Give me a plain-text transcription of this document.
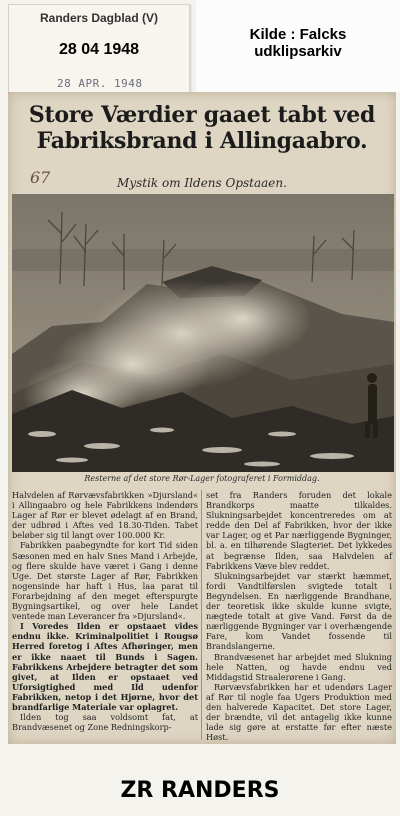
Randers Dagblad (V)
28 04 1948
28 APR. 1948
Kilde : Falcks
udklipsarkiv
Store Værdier gaaet tabt ved
Fabriksbrand i Allingaabro.
67	Mystik om Ildens Opstaaen.
Resterne af det store Rør-Lager fotograferet i Formiddag.

Halvdelen af Rørvævsfabrikken »Djursland« i Allingaabro og hele Fabrikkens indendørs Lager af Rør er blevet ødelagt af en Brand, der udbrød i Aftes ved 18.30-Tiden. Tabet beløber sig til langt over 100.000 Kr.

Fabrikken paabegyndte for kort Tid siden Sæsonen med en halv Snes Mand i Arbejde, og flere skulde have været i Gang i denne Uge. Det største Lager af Rør, Fabrikken nogensinde har haft i Hus, laa parat til Forarbejdning af den meget efterspurgte Bygningsartikel, og over hele Landet ventede man Leverancer fra »Djursland«.

I Voredes Ilden er opstaaet vides endnu ikke. Kriminalpolitiet i Rougsø Herred foretog i Aftes Afhøringer, men er ikke naaet til Bunds i Sagen. Fabrikkens Arbejdere betragter det som givet, at Ilden er opstaaet ved Uforsigtighed med Ild udenfor Fabrikken, netop i det Hjørne, hvor det brandfarlige Materiale var oplagret.

Ilden tog saa voldsomt fat, at Brandvæsenet og Zone Redningskorp-

set fra Randers foruden det lokale Brandkorps maatte tilkaldes. Slukningsarbejdet koncentreredes om at redde den Del af Fabrikken, hvor der ikke var Lager, og et Par nærliggende Bygninger, bl. a. en tilhørende Slagteriet. Det lykkedes at begrænse Ilden, saa Halvdelen af Fabrikkens Væve blev reddet.

Slukningsarbejdet var stærkt hæmmet, fordi Vandtilførslen svigtede totalt i Begyndelsen. En nærliggende Brandhane, der teoretisk ikke skulde kunne svigte, nægtede totalt at give Vand. Først da de nærliggende Bygninger var i overhængende Fare, kom Vandet fossende til Brandslangerne.

Brandvæsenet har arbejdet med Slukning hele Natten, og havde endnu ved Middagstid Straalerørene i Gang.

Rørvævsfabrikken har et udendørs Lager af Rør til nogle faa Ugers Produktion med den halverede Kapacitet. Det store Lager, der brændte, vil det antagelig ikke kunne lade sig gøre at erstatte før efter næste Høst.

ZR RANDERS
